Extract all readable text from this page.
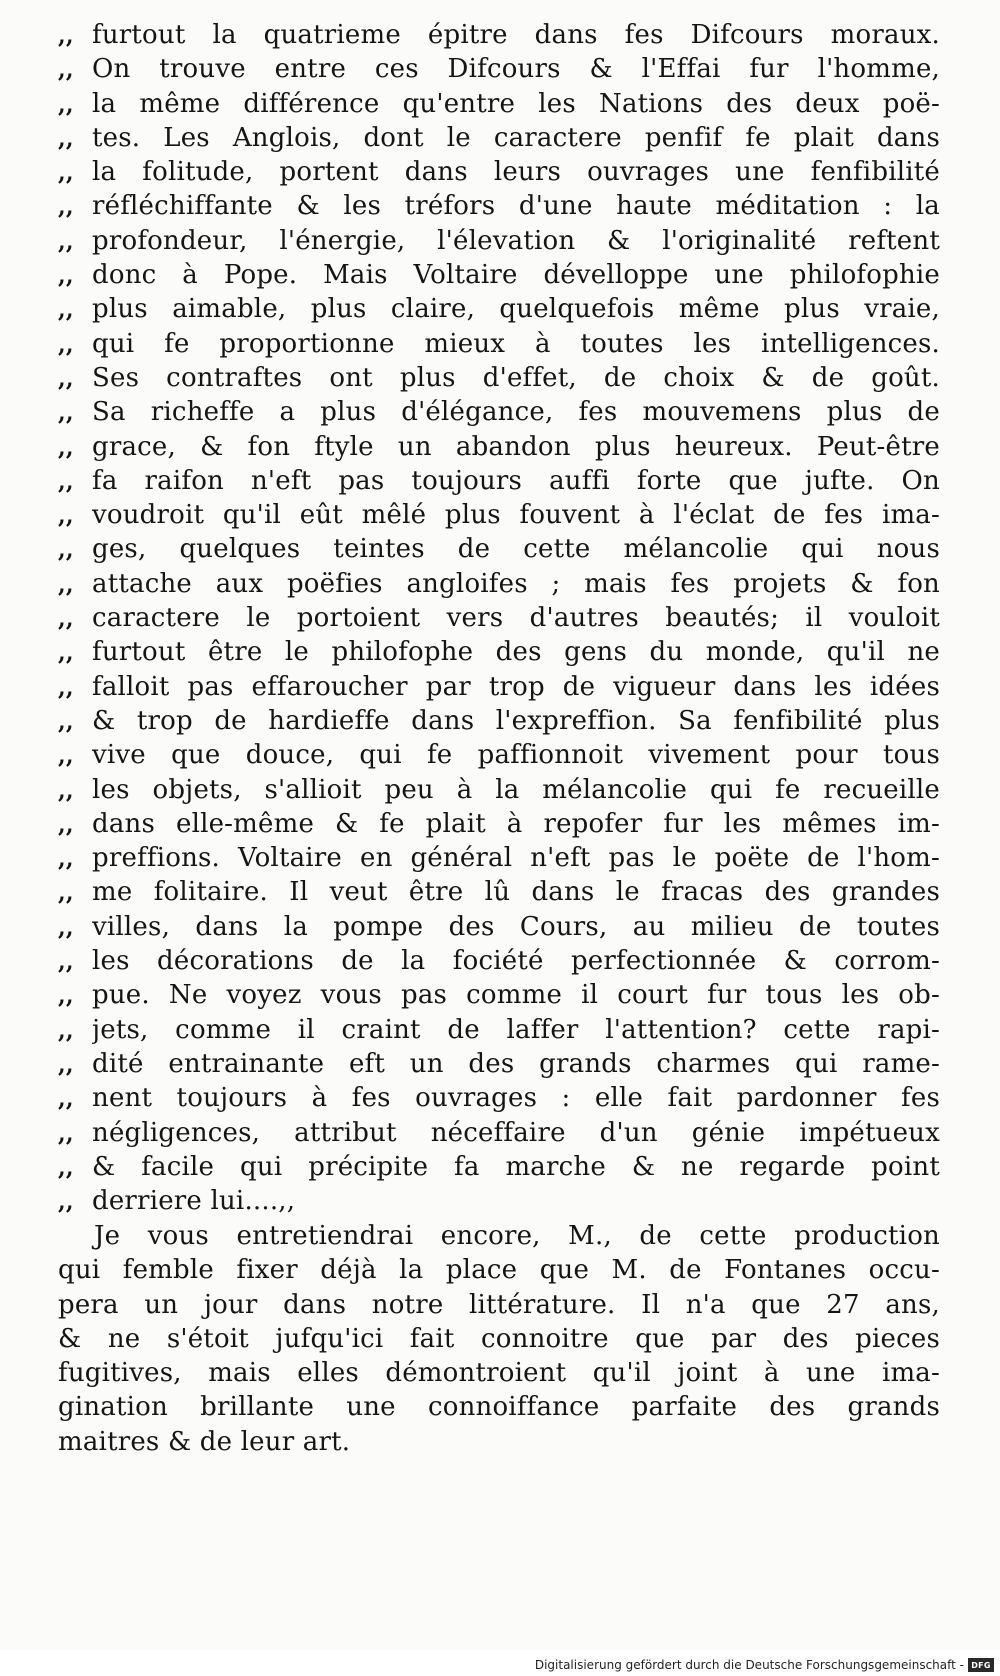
,, furtout la quatrieme épitre dans fes Difcours moraux.
,, On trouve entre ces Difcours & l'Effai fur l'homme,
,, la même différence qu'entre les Nations des deux poë-
,, tes. Les Anglois, dont le caractere penfif fe plait dans
,, la folitude, portent dans leurs ouvrages une fenfibilité
,, réfléchiffante & les tréfors d'une haute méditation : la
,, profondeur, l'énergie, l'élevation & l'originalité reftent
,, donc à Pope. Mais Voltaire dévelloppe une philofophie
,, plus aimable, plus claire, quelquefois même plus vraie,
,, qui fe proportionne mieux à toutes les intelligences.
,, Ses contraftes ont plus d'effet, de choix & de goût.
,, Sa richeffe a plus d'élégance, fes mouvemens plus de
,, grace, & fon ftyle un abandon plus heureux. Peut-être
,, fa raifon n'eft pas toujours auffi forte que jufte. On
,, voudroit qu'il eût mêlé plus fouvent à l'éclat de fes ima-
,, ges, quelques teintes de cette mélancolie qui nous
,, attache aux poëfies angloifes ; mais fes projets & fon
,, caractere le portoient vers d'autres beautés; il vouloit
,, furtout être le philofophe des gens du monde, qu'il ne
,, falloit pas effaroucher par trop de vigueur dans les idées
,, & trop de hardieffe dans l'expreffion. Sa fenfibilité plus
,, vive que douce, qui fe paffionnoit vivement pour tous
,, les objets, s'allioit peu à la mélancolie qui fe recueille
,, dans elle-même & fe plait à repofer fur les mêmes im-
,, preffions. Voltaire en général n'eft pas le poëte de l'hom-
,, me folitaire. Il veut être lû dans le fracas des grandes
,, villes, dans la pompe des Cours, au milieu de toutes
,, les décorations de la fociété perfectionnée & corrom-
,, pue. Ne voyez vous pas comme il court fur tous les ob-
,, jets, comme il craint de laffer l'attention? cette rapi-
,, dité entrainante eft un des grands charmes qui rame-
,, nent toujours à fes ouvrages : elle fait pardonner fes
,, négligences, attribut néceffaire d'un génie impétueux
,, & facile qui précipite fa marche & ne regarde point
,, derriere lui....,,
Je vous entretiendrai encore, M., de cette production
qui femble fixer déjà la place que M. de Fontanes occu-
pera un jour dans notre littérature. Il n'a que 27 ans,
& ne s'étoit jufqu'ici fait connoitre que par des pieces
fugitives, mais elles démontroient qu'il joint à une ima-
gination brillante une connoiffance parfaite des grands
maitres & de leur art.
Digitalisierung gefördert durch die Deutsche Forschungsgemeinschaft - DFG
